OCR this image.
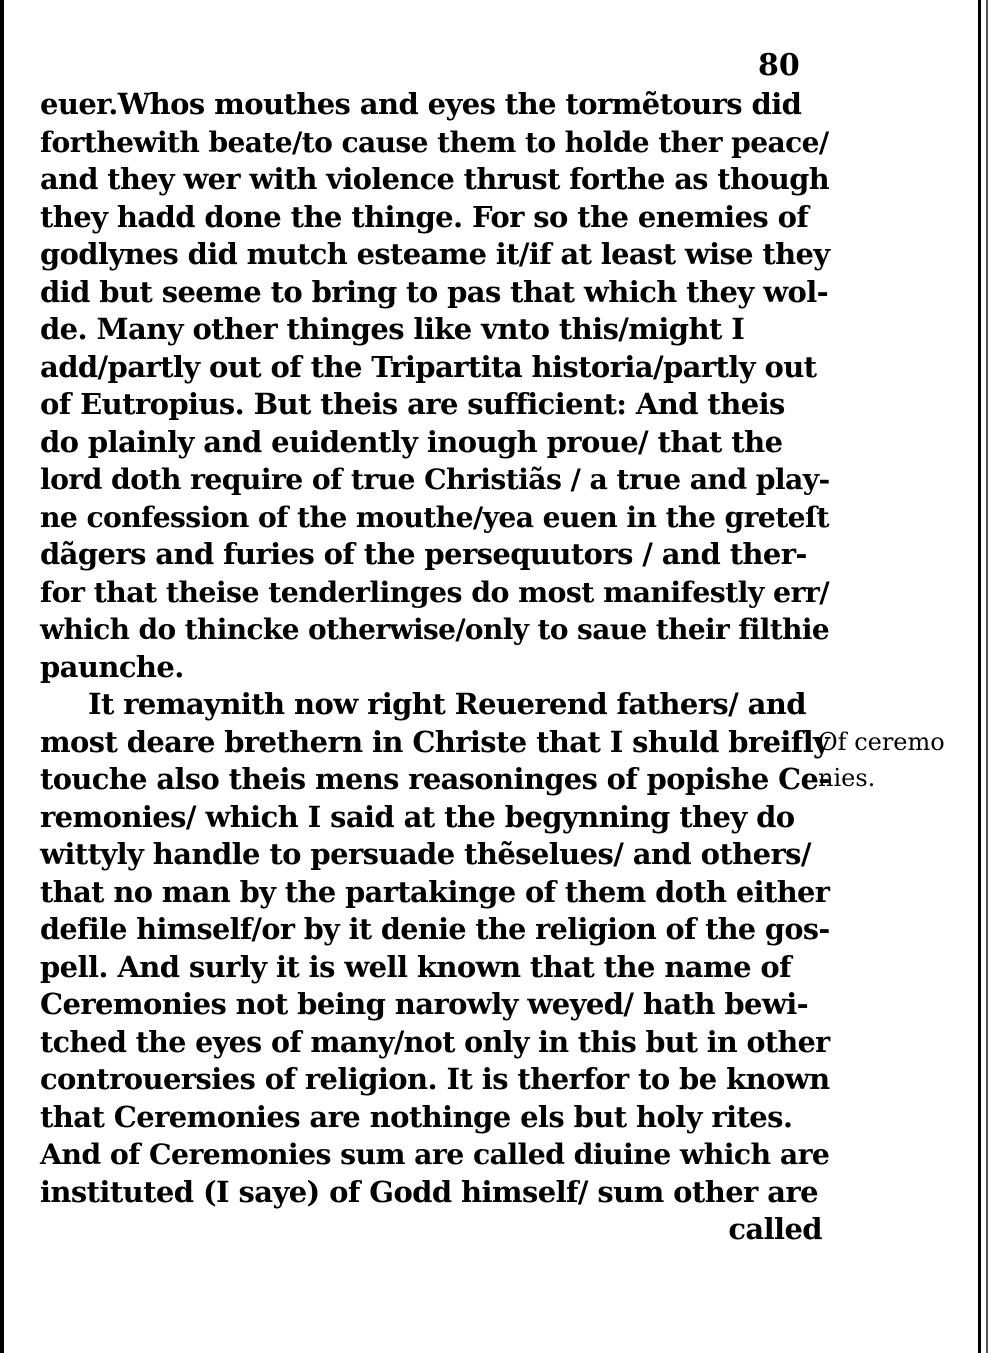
80
euer.Whos mouthes and eyes the tormẽtours did
forthewith beate/to cause them to holde ther peace/
and they wer with violence thrust forthe as though
they hadd done the thinge. For so the enemies of
godlynes did mutch esteame it/if at least wise they
did but seeme to bring to pas that which they wol-
de. Many other thinges like vnto this/might I
add/partly out of the Tripartita historia/partly out
of Eutropius. But theis are sufficient: And theis
do plainly and euidently inough proue/ that the
lord doth require of true Christiãs / a true and play-
ne confession of the mouthe/yea euen in the greteſt
dãgers and furies of the persequutors / and ther-
for that theise tenderlinges do most manifestly err/
which do thincke otherwise/only to saue their filthie
paunche.
It remaynith now right Reuerend fathers/ and
most deare brethern in Christe that I shuld breifly
touche also theis mens reasoninges of popishe Ce-
remonies/ which I said at the begynning they do
wittyly handle to persuade thẽselues/ and others/
that no man by the partakinge of them doth either
defile himself/or by it denie the religion of the gos-
pell. And surly it is well known that the name of
Ceremonies not being narowly weyed/ hath bewi-
tched the eyes of many/not only in this but in other
controuersies of religion. It is therfor to be known
that Ceremonies are nothinge els but holy rites.
And of Ceremonies sum are called diuine which are
instituted (I saye) of Godd himself/ sum other are
called
Of ceremo
nies.
